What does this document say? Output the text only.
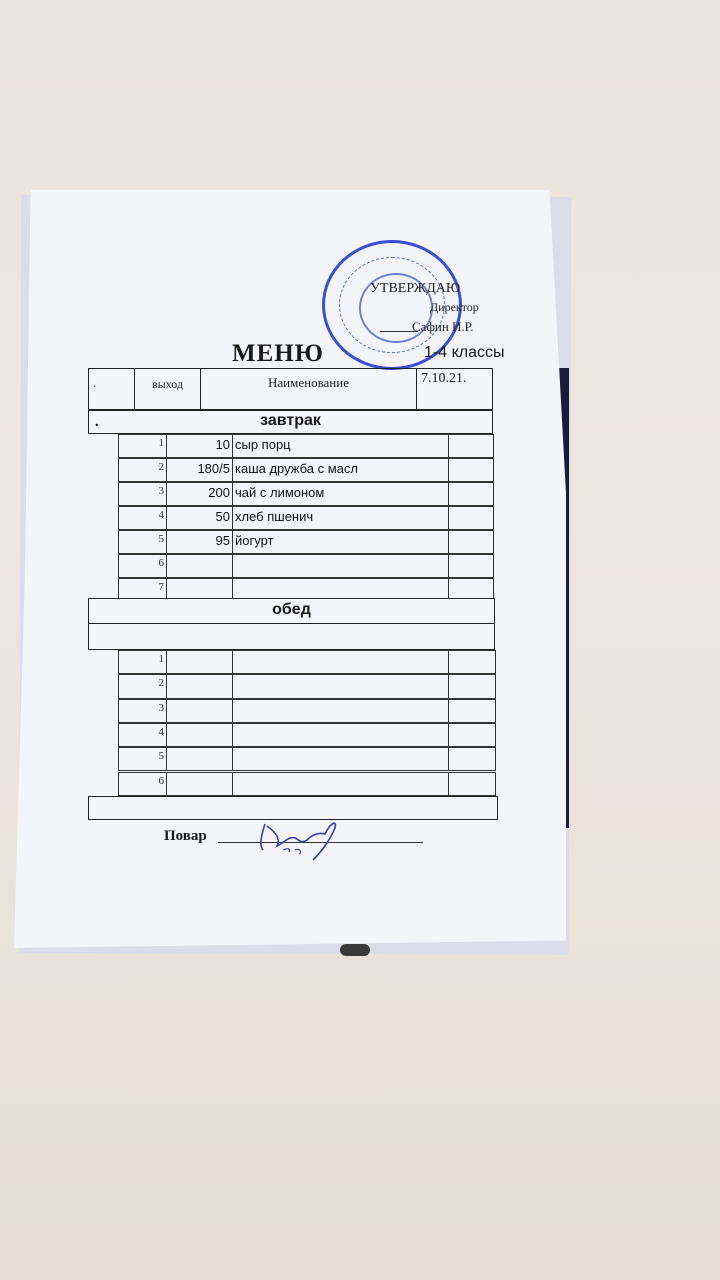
УТВЕРЖДАЮ
Директор
Сафин И.Р.
МЕНЮ	1-4 классы
.	выход	Наименование	7.10.21.
.	завтрак
1	10 сыр порц
2	180/5 каша дружба с масл
3	200 чай с лимоном
4	50 хлеб пшенич
5	95 йогурт
6
7
обед
1
2
3
4
5
6
Повар
